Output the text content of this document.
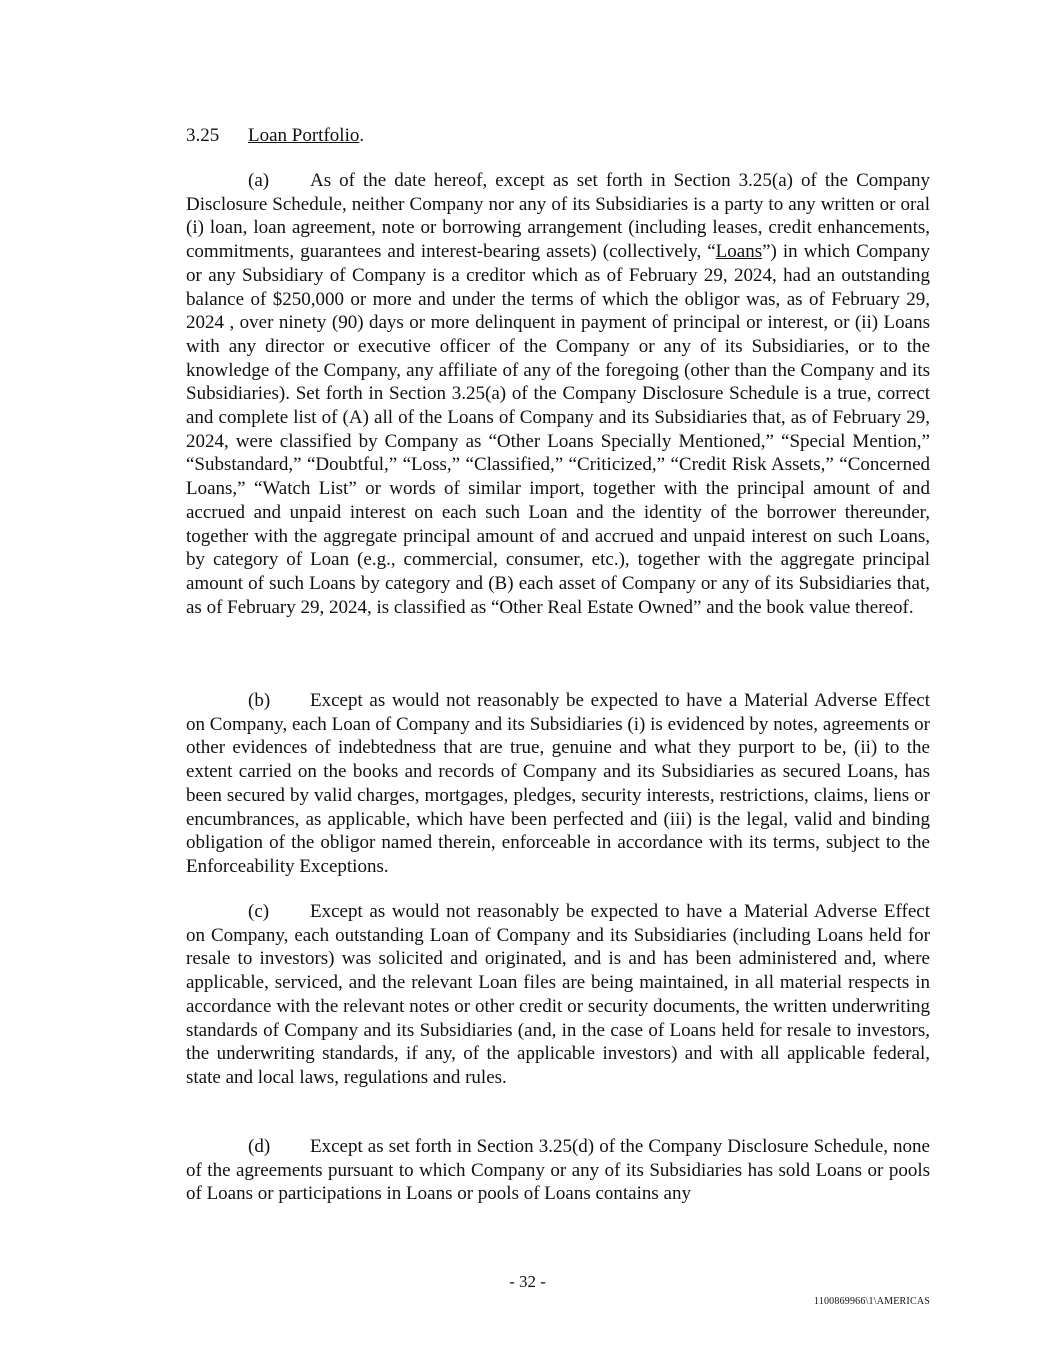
3.25 Loan Portfolio.

(a) As of the date hereof, except as set forth in Section 3.25(a) of the Company Disclosure Schedule, neither Company nor any of its Subsidiaries is a party to any written or oral (i) loan, loan agreement, note or borrowing arrangement (including leases, credit enhancements, commitments, guarantees and interest-bearing assets) (collectively, “Loans”) in which Company or any Subsidiary of Company is a creditor which as of February 29, 2024, had an outstanding balance of $250,000 or more and under the terms of which the obligor was, as of February 29, 2024 , over ninety (90) days or more delinquent in payment of principal or interest, or (ii) Loans with any director or executive officer of the Company or any of its Subsidiaries, or to the knowledge of the Company, any affiliate of any of the foregoing (other than the Company and its Subsidiaries). Set forth in Section 3.25(a) of the Company Disclosure Schedule is a true, correct and complete list of (A) all of the Loans of Company and its Subsidiaries that, as of February 29, 2024, were classified by Company as “Other Loans Specially Mentioned,” “Special Mention,” “Substandard,” “Doubtful,” “Loss,” “Classified,” “Criticized,” “Credit Risk Assets,” “Concerned Loans,” “Watch List” or words of similar import, together with the principal amount of and accrued and unpaid interest on each such Loan and the identity of the borrower thereunder, together with the aggregate principal amount of and accrued and unpaid interest on such Loans, by category of Loan (e.g., commercial, consumer, etc.), together with the aggregate principal amount of such Loans by category and (B) each asset of Company or any of its Subsidiaries that, as of February 29, 2024, is classified as “Other Real Estate Owned” and the book value thereof.

(b) Except as would not reasonably be expected to have a Material Adverse Effect on Company, each Loan of Company and its Subsidiaries (i) is evidenced by notes, agreements or other evidences of indebtedness that are true, genuine and what they purport to be, (ii) to the extent carried on the books and records of Company and its Subsidiaries as secured Loans, has been secured by valid charges, mortgages, pledges, security interests, restrictions, claims, liens or encumbrances, as applicable, which have been perfected and (iii) is the legal, valid and binding obligation of the obligor named therein, enforceable in accordance with its terms, subject to the Enforceability Exceptions.

(c) Except as would not reasonably be expected to have a Material Adverse Effect on Company, each outstanding Loan of Company and its Subsidiaries (including Loans held for resale to investors) was solicited and originated, and is and has been administered and, where applicable, serviced, and the relevant Loan files are being maintained, in all material respects in accordance with the relevant notes or other credit or security documents, the written underwriting standards of Company and its Subsidiaries (and, in the case of Loans held for resale to investors, the underwriting standards, if any, of the applicable investors) and with all applicable federal, state and local laws, regulations and rules.

(d) Except as set forth in Section 3.25(d) of the Company Disclosure Schedule, none of the agreements pursuant to which Company or any of its Subsidiaries has sold Loans or pools of Loans or participations in Loans or pools of Loans contains any

- 32 -
1100869966\1\AMERICAS
